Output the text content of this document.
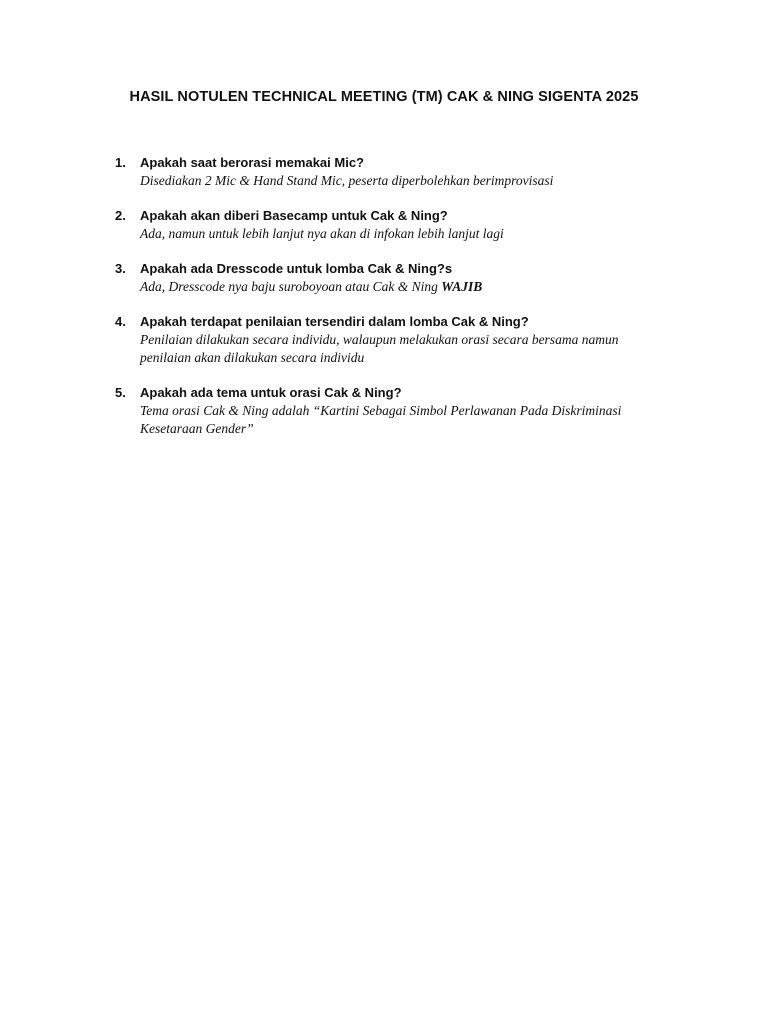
HASIL NOTULEN TECHNICAL MEETING (TM) CAK & NING SIGENTA 2025
1. Apakah saat berorasi memakai Mic?
Disediakan 2 Mic & Hand Stand Mic, peserta diperbolehkan berimprovisasi
2. Apakah akan diberi Basecamp untuk Cak & Ning?
Ada, namun untuk lebih lanjut nya akan di infokan lebih lanjut lagi
3. Apakah ada Dresscode untuk lomba Cak & Ning?s
Ada, Dresscode nya baju suroboyoan atau Cak & Ning WAJIB
4. Apakah terdapat penilaian tersendiri dalam lomba Cak & Ning?
Penilaian dilakukan secara individu, walaupun melakukan orasi secara bersama namun penilaian akan dilakukan secara individu
5. Apakah ada tema untuk orasi Cak & Ning?
Tema orasi Cak & Ning adalah “Kartini Sebagai Simbol Perlawanan Pada Diskriminasi Kesetaraan Gender”
